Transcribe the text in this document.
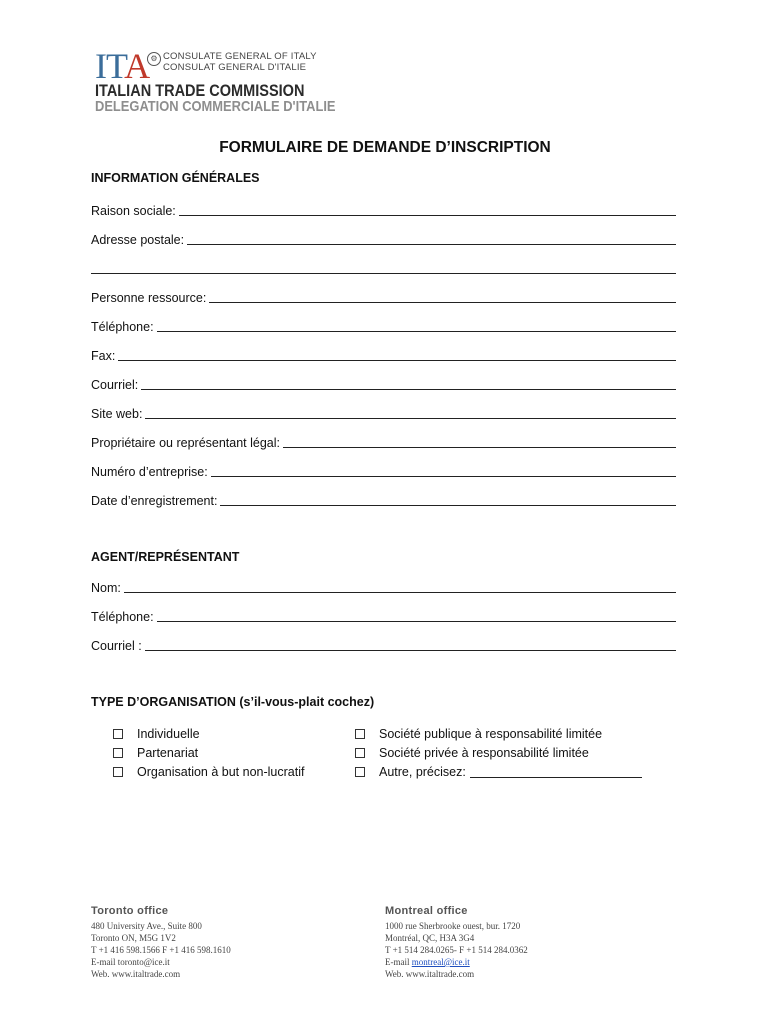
ITA ⚙ CONSULATE GENERAL OF ITALY
CONSULAT GENERAL D'ITALIE
ITALIAN TRADE COMMISSION
DELEGATION COMMERCIALE D'ITALIE
FORMULAIRE DE DEMANDE D’INSCRIPTION
INFORMATION GÉNÉRALES
Raison sociale:
Adresse postale:
Personne ressource:
Téléphone:
Fax:
Courriel:
Site web:
Propriétaire ou représentant légal:
Numéro d’entreprise:
Date d’enregistrement:
AGENT/REPRÉSENTANT
Nom:
Téléphone:
Courriel :
TYPE D’ORGANISATION (s’il-vous-plait cochez)
Individuelle
Partenariat
Organisation à but non-lucratif
Société publique à responsabilité limitée
Société privée à responsabilité limitée
Autre, précisez:
Toronto office
480 University Ave., Suite 800
Toronto ON, M5G 1V2
T +1 416 598.1566 F +1 416 598.1610
E-mail toronto@ice.it
Web. www.italtrade.com
Montreal office
1000 rue Sherbrooke ouest, bur. 1720
Montréal, QC, H3A 3G4
T +1 514 284.0265- F +1 514 284.0362
E-mail montreal@ice.it
Web. www.italtrade.com
